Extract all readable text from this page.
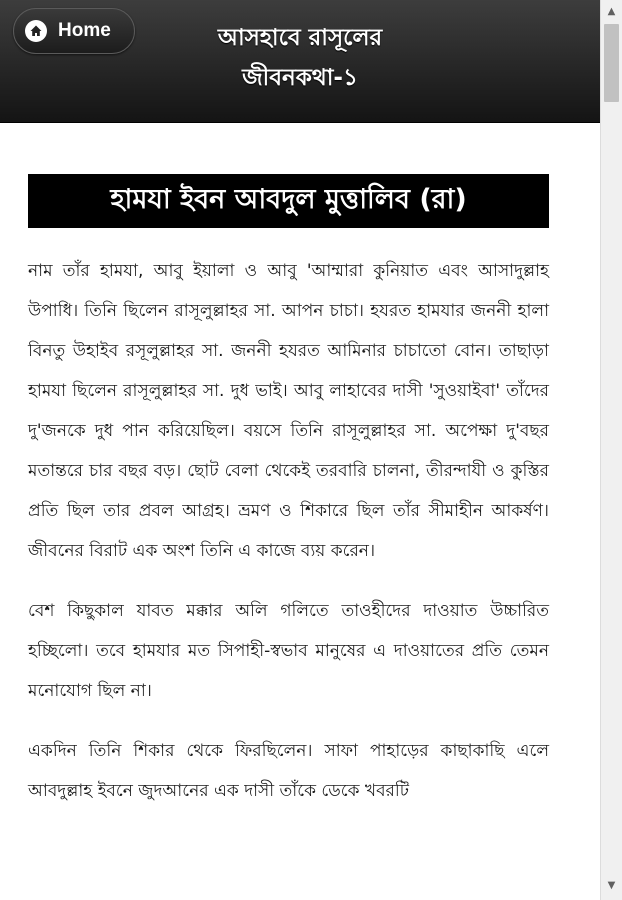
Home	আসহাবে রাসূলের
জীবনকথা-১
হামযা ইবন আবদুল মুত্তালিব (রা)

নাম তাঁর হামযা, আবু ইয়ালা ও আবু 'আম্মারা কুনিয়াত এবং আসাদুল্লাহ উপাধি। তিনি ছিলেন রাসূলুল্লাহর সা. আপন চাচা। হযরত হামযার জননী হালা বিনতু উহাইব রসূলুল্লাহর সা. জননী হযরত আমিনার চাচাতো বোন। তাছাড়া হামযা ছিলেন রাসূলুল্লাহর সা. দুধ ভাই। আবু লাহাবের দাসী 'সুওয়াইবা' তাঁদের দু'জনকে দুধ পান করিয়েছিল। বয়সে তিনি রাসূলুল্লাহর সা. অপেক্ষা দু'বছর মতান্তরে চার বছর বড়। ছোট বেলা থেকেই তরবারি চালনা, তীরন্দাযী ও কুস্তির প্রতি ছিল তার প্রবল আগ্রহ। ভ্রমণ ও শিকারে ছিল তাঁর সীমাহীন আকর্ষণ। জীবনের বিরাট এক অংশ তিনি এ কাজে ব্যয় করেন।

বেশ কিছুকাল যাবত মক্কার অলি গলিতে তাওহীদের দাওয়াত উচ্চারিত হচ্ছিলো। তবে হামযার মত সিপাহী-স্বভাব মানুষের এ দাওয়াতের প্রতি তেমন মনোযোগ ছিল না।

একদিন তিনি শিকার থেকে ফিরছিলেন। সাফা পাহাড়ের কাছাকাছি এলে আবদুল্লাহ ইবনে জুদআনের এক দাসী তাঁকে ডেকে খবরটি

▲
▼
